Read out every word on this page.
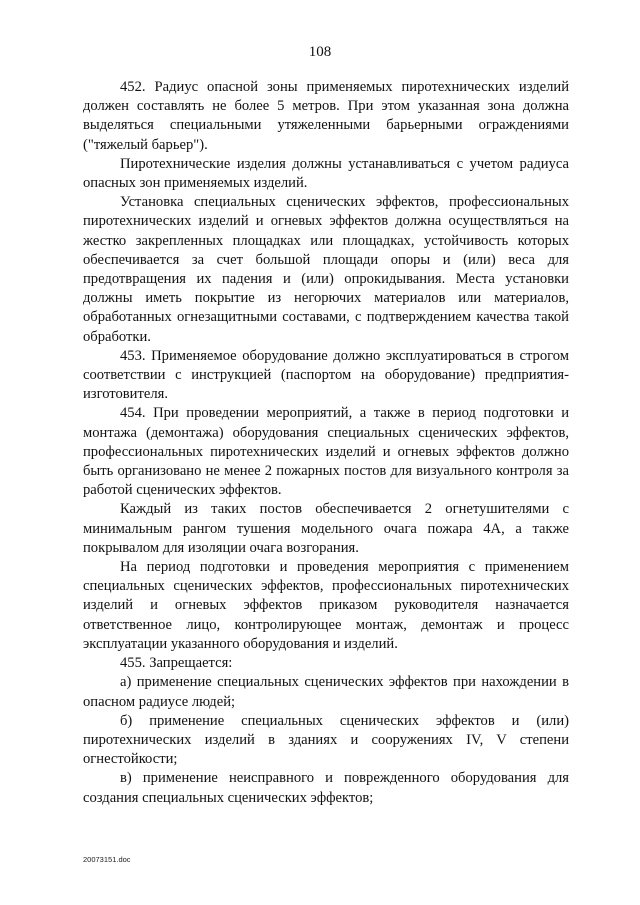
108

452. Радиус опасной зоны применяемых пиротехнических изделий должен составлять не более 5 метров. При этом указанная зона должна выделяться специальными утяжеленными барьерными ограждениями ("тяжелый барьер").

Пиротехнические изделия должны устанавливаться с учетом радиуса опасных зон применяемых изделий.

Установка специальных сценических эффектов, профессиональных пиротехнических изделий и огневых эффектов должна осуществляться на жестко закрепленных площадках или площадках, устойчивость которых обеспечивается за счет большой площади опоры и (или) веса для предотвращения их падения и (или) опрокидывания. Места установки должны иметь покрытие из негорючих материалов или материалов, обработанных огнезащитными составами, с подтверждением качества такой обработки.

453. Применяемое оборудование должно эксплуатироваться в строгом соответствии с инструкцией (паспортом на оборудование) предприятия-изготовителя.

454. При проведении мероприятий, а также в период подготовки и монтажа (демонтажа) оборудования специальных сценических эффектов, профессиональных пиротехнических изделий и огневых эффектов должно быть организовано не менее 2 пожарных постов для визуального контроля за работой сценических эффектов.

Каждый из таких постов обеспечивается 2 огнетушителями с минимальным рангом тушения модельного очага пожара 4А, а также покрывалом для изоляции очага возгорания.

На период подготовки и проведения мероприятия с применением специальных сценических эффектов, профессиональных пиротехнических изделий и огневых эффектов приказом руководителя назначается ответственное лицо, контролирующее монтаж, демонтаж и процесс эксплуатации указанного оборудования и изделий.

455. Запрещается:

а) применение специальных сценических эффектов при нахождении в опасном радиусе людей;

б) применение специальных сценических эффектов и (или) пиротехнических изделий в зданиях и сооружениях IV, V степени огнестойкости;

в) применение неисправного и поврежденного оборудования для создания специальных сценических эффектов;

20073151.doc
